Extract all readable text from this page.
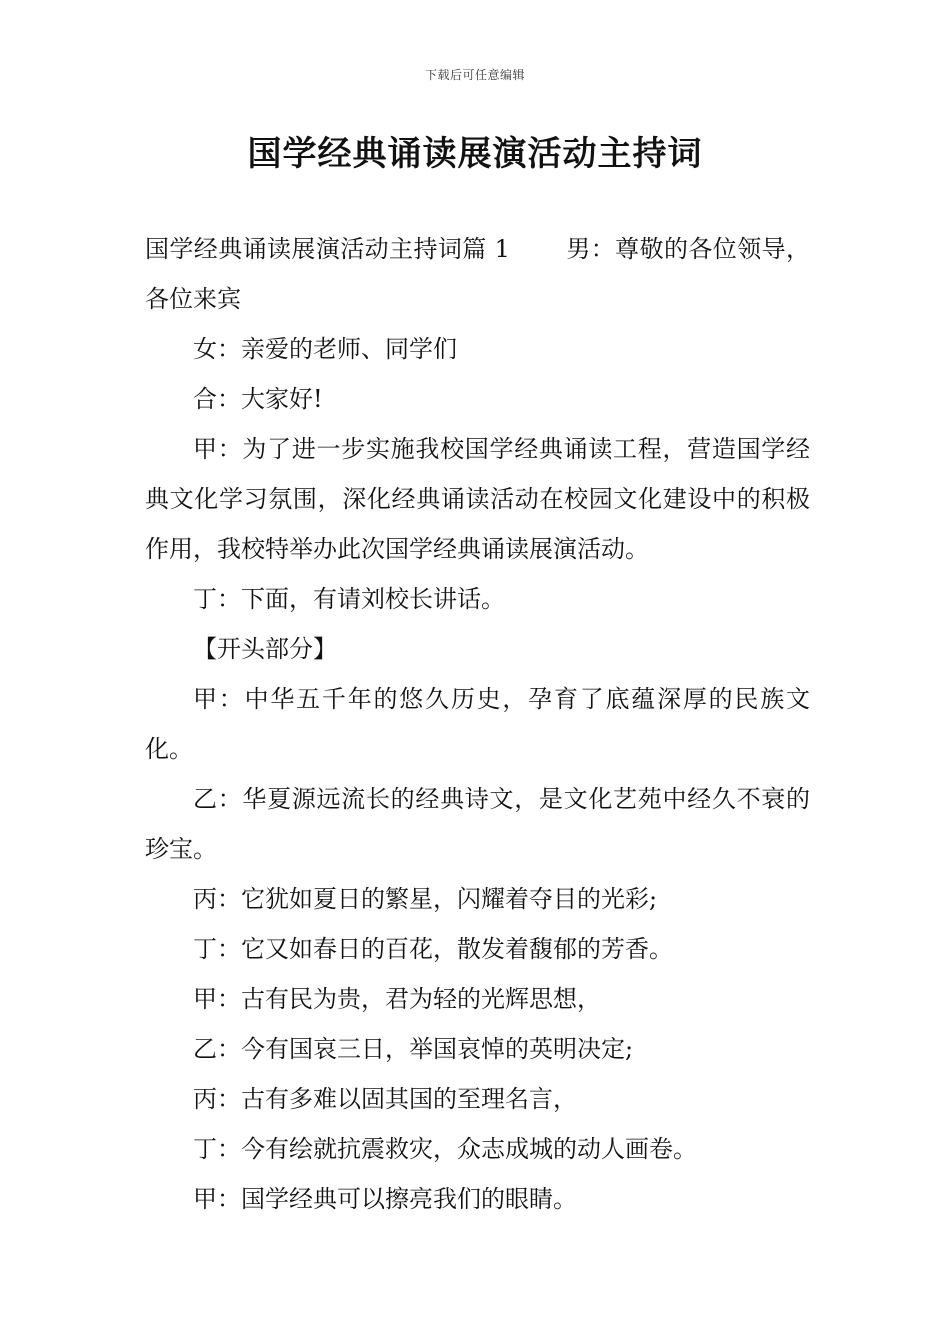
下载后可任意编辑
国学经典诵读展演活动主持词

国学经典诵读展演活动主持词篇 1 男：尊敬的各位领导，各位来宾

女：亲爱的老师、同学们

合：大家好!

甲：为了进一步实施我校国学经典诵读工程，营造国学经典文化学习氛围，深化经典诵读活动在校园文化建设中的积极作用，我校特举办此次国学经典诵读展演活动。

丁：下面，有请刘校长讲话。

【开头部分】

甲：中华五千年的悠久历史，孕育了底蕴深厚的民族文化。

乙：华夏源远流长的经典诗文，是文化艺苑中经久不衰的珍宝。

丙：它犹如夏日的繁星，闪耀着夺目的光彩;

丁：它又如春日的百花，散发着馥郁的芳香。

甲：古有民为贵，君为轻的光辉思想，

乙：今有国哀三日，举国哀悼的英明决定;

丙：古有多难以固其国的至理名言，

丁：今有绘就抗震救灾，众志成城的动人画卷。

甲：国学经典可以擦亮我们的眼睛。
